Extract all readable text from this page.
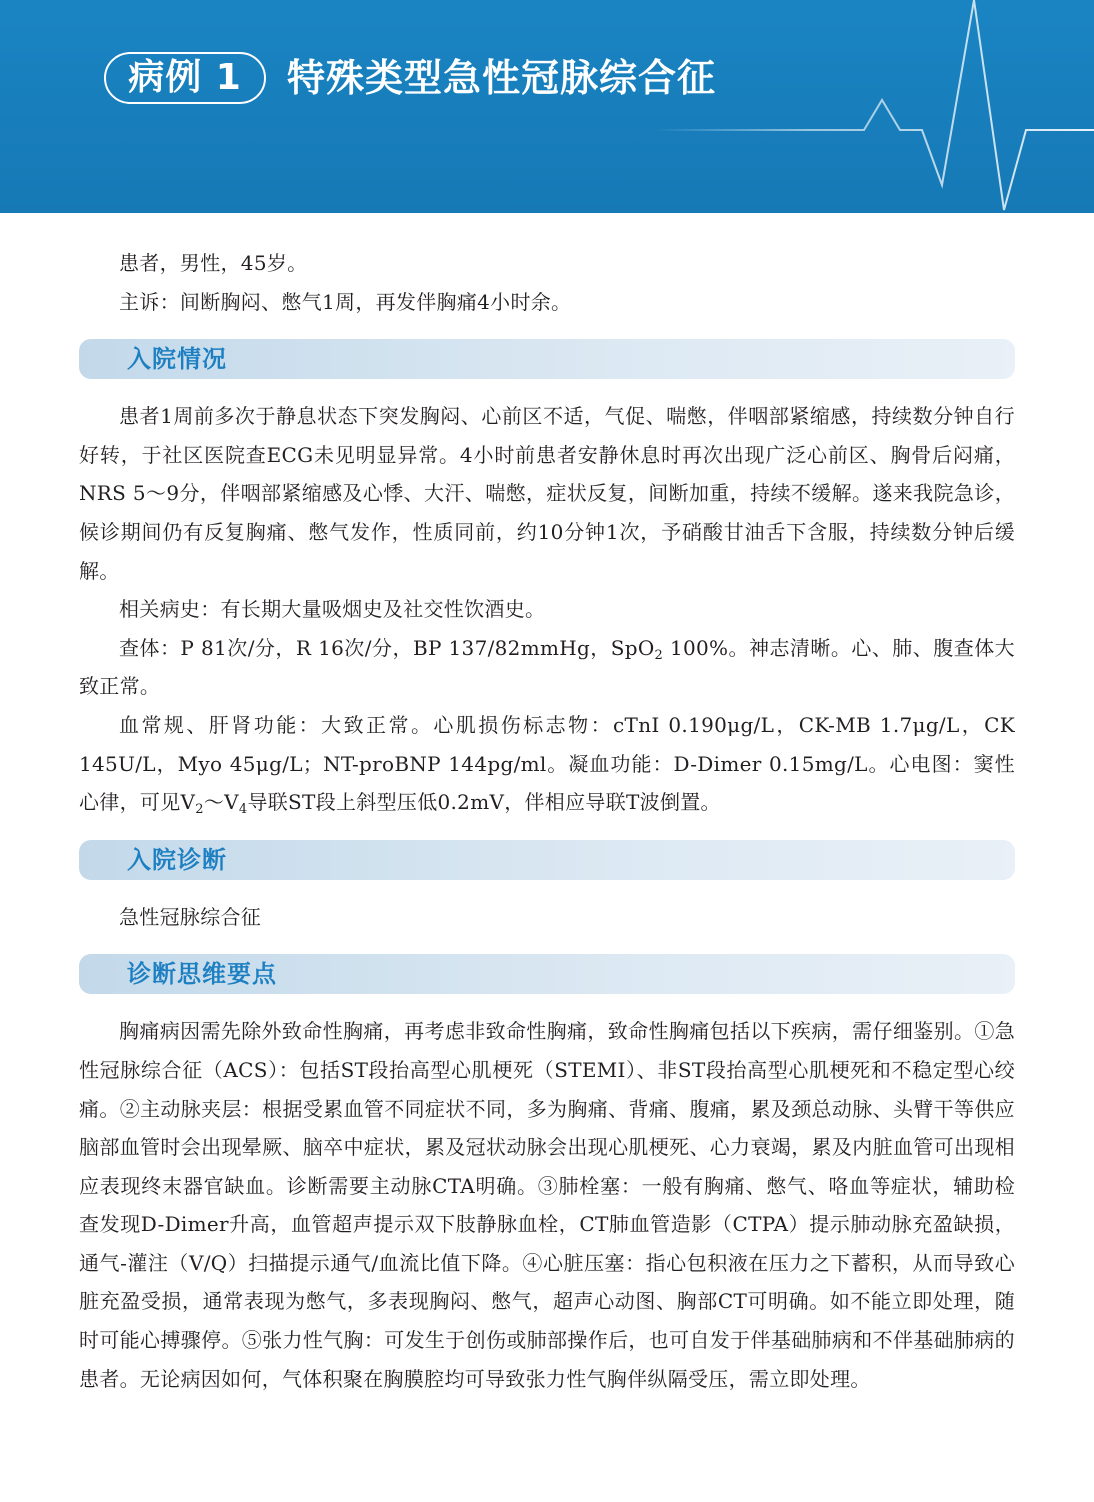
病例 1	特殊类型急性冠脉综合征

患者，男性，45岁。

主诉：间断胸闷、憋气1周，再发伴胸痛4小时余。

入院情况

患者1周前多次于静息状态下突发胸闷、心前区不适，气促、喘憋，伴咽部紧缩感，持续数分钟自行好转，于社区医院查ECG未见明显异常。4小时前患者安静休息时再次出现广泛心前区、胸骨后闷痛，NRS 5～9分，伴咽部紧缩感及心悸、大汗、喘憋，症状反复，间断加重，持续不缓解。遂来我院急诊，候诊期间仍有反复胸痛、憋气发作，性质同前，约10分钟1次，予硝酸甘油舌下含服，持续数分钟后缓解。

相关病史：有长期大量吸烟史及社交性饮酒史。

查体：P 81次/分，R 16次/分，BP 137/82mmHg，SpO$_2$ 100%。神志清晰。心、肺、腹查体大致正常。

血常规、肝肾功能：大致正常。心肌损伤标志物：cTnI 0.190μg/L，CK-MB 1.7μg/L，CK 145U/L，Myo 45μg/L；NT-proBNP 144pg/ml。凝血功能：D-Dimer 0.15mg/L。心电图：窦性心律，可见$V_2\sim V_4$导联ST段上斜型压低0.2mV，伴相应导联T波倒置。

入院诊断

急性冠脉综合征

诊断思维要点

胸痛病因需先除外致命性胸痛，再考虑非致命性胸痛，致命性胸痛包括以下疾病，需仔细鉴别。①急性冠脉综合征（ACS）：包括ST段抬高型心肌梗死（STEMI）、非ST段抬高型心肌梗死和不稳定型心绞痛。②主动脉夹层：根据受累血管不同症状不同，多为胸痛、背痛、腹痛，累及颈总动脉、头臂干等供应脑部血管时会出现晕厥、脑卒中症状，累及冠状动脉会出现心肌梗死、心力衰竭，累及内脏血管可出现相应表现终末器官缺血。诊断需要主动脉CTA明确。③肺栓塞：一般有胸痛、憋气、咯血等症状，辅助检查发现D-Dimer升高，血管超声提示双下肢静脉血栓，CT肺血管造影（CTPA）提示肺动脉充盈缺损，通气-灌注（V/Q）扫描提示通气/血流比值下降。④心脏压塞：指心包积液在压力之下蓄积，从而导致心脏充盈受损，通常表现为憋气，多表现胸闷、憋气，超声心动图、胸部CT可明确。如不能立即处理，随时可能心搏骤停。⑤张力性气胸：可发生于创伤或肺部操作后，也可自发于伴基础肺病和不伴基础肺病的患者。无论病因如何，气体积聚在胸膜腔均可导致张力性气胸伴纵隔受压，需立即处理。
